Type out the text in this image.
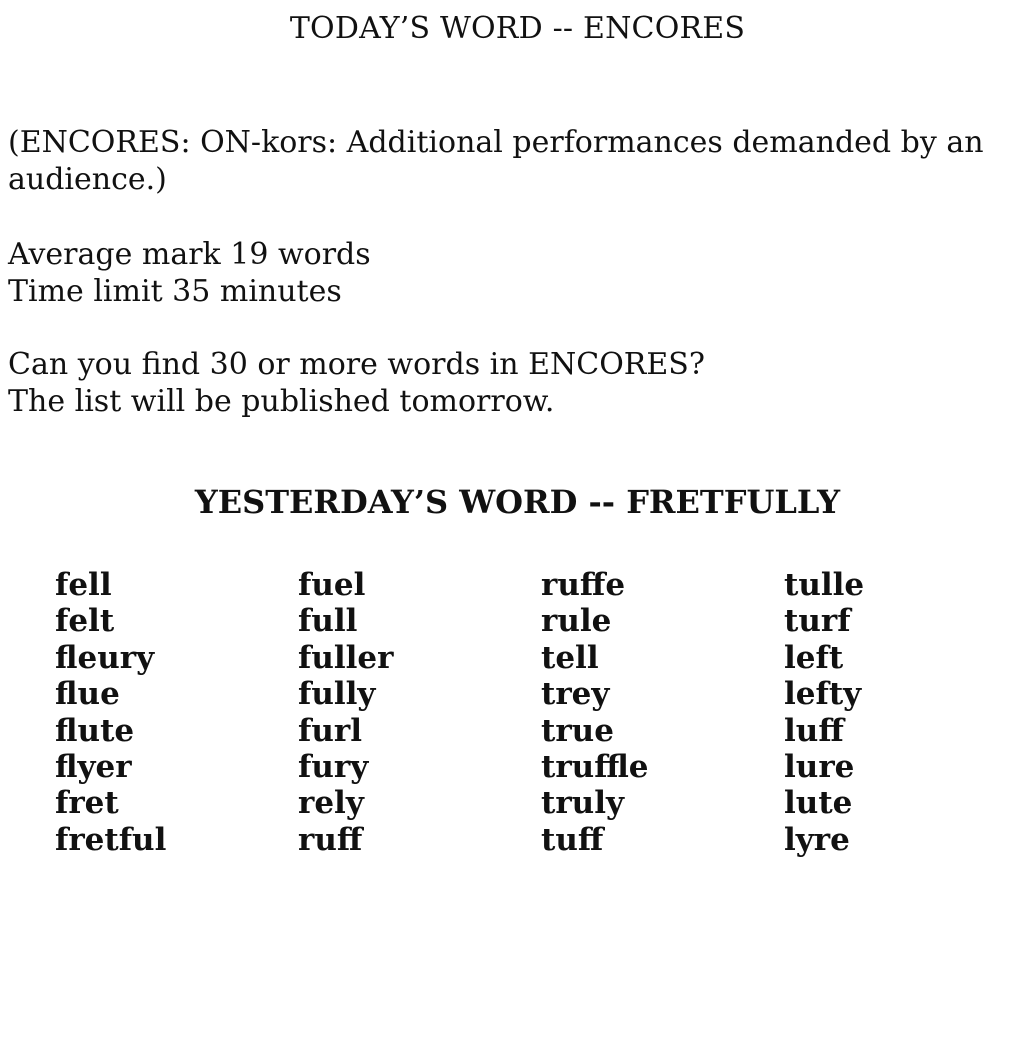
TODAY’S WORD -- ENCORES

(ENCORES: ON-kors: Additional performances demanded by an

audience.)

Average mark 19 words

Time limit 35 minutes

Can you find 30 or more words in ENCORES?

The list will be published tomorrow.

YESTERDAY’S WORD -- FRETFULLY
fell
felt
fleury
flue
flute
flyer
fret
fretful
fuel
full
fuller
fully
furl
fury
rely
ruff
ruffe
rule
tell
trey
true
truffle
truly
tuff
tulle
turf
left
lefty
luff
lure
lute
lyre
